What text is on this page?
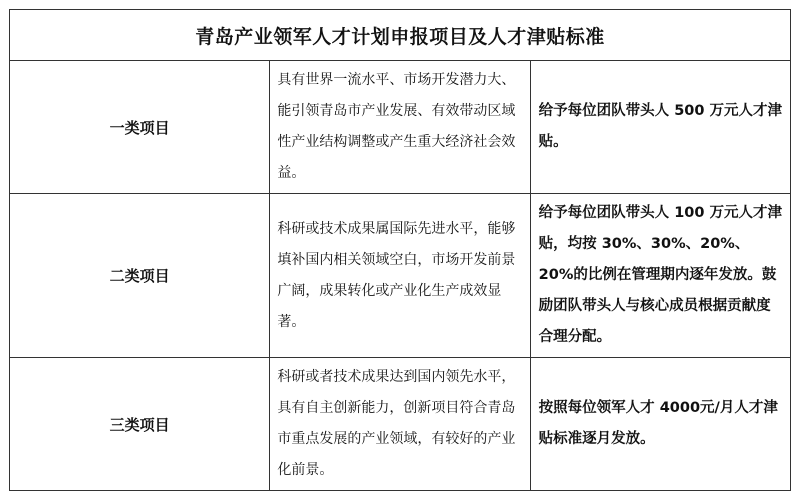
青岛产业领军人才计划申报项目及人才津贴标准		
一类项目	具有世界一流水平、市场开发潜力大、能引领青岛市产业发展、有效带动区域性产业结构调整或产生重大经济社会效益。	给予每位团队带头人 500 万元人才津贴。
二类项目	科研或技术成果属国际先进水平，能够填补国内相关领域空白，市场开发前景广阔，成果转化或产业化生产成效显著。	给予每位团队带头人 100 万元人才津贴，均按 30%、30%、20%、20%的比例在管理期内逐年发放。鼓励团队带头人与核心成员根据贡献度合理分配。
三类项目	科研或者技术成果达到国内领先水平，具有自主创新能力，创新项目符合青岛市重点发展的产业领域，有较好的产业化前景。	按照每位领军人才 4000元/月人才津贴标准逐月发放。
